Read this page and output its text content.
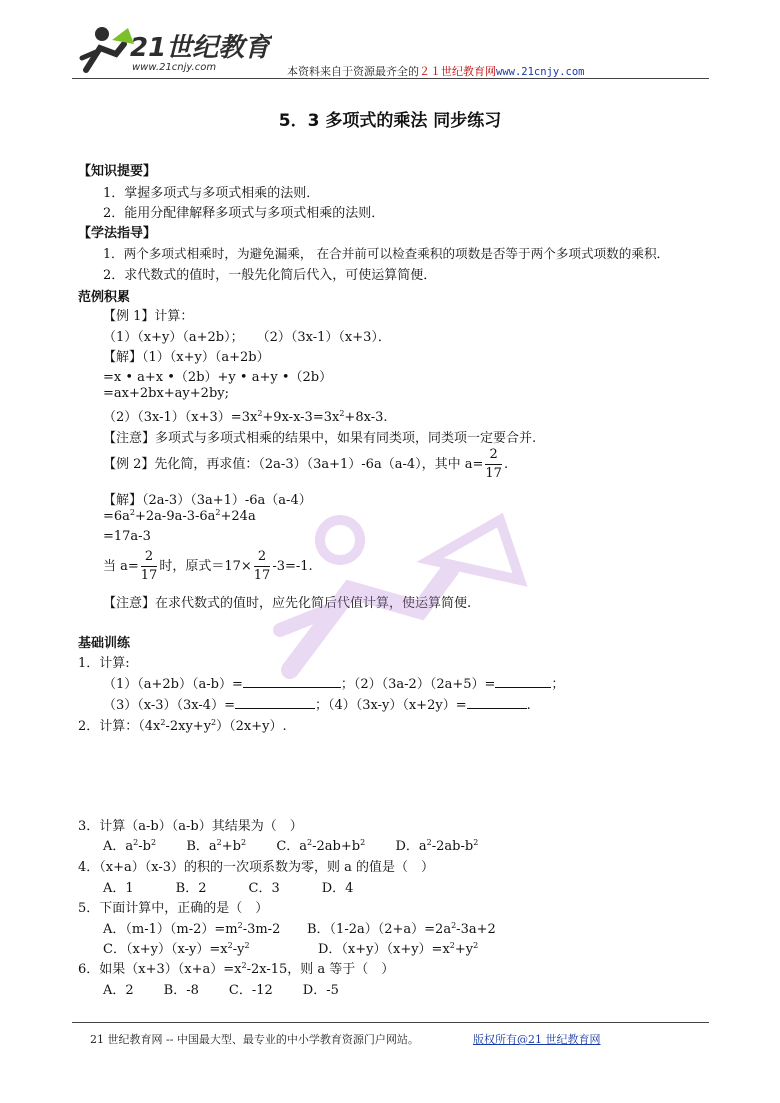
21世纪教育
www.21cnjy.com	本资料来自于资源最齐全的２１世纪教育网www.21cnjy.com
5．3 多项式的乘法 同步练习
【知识提要】
1．掌握多项式与多项式相乘的法则．
2．能用分配律解释多项式与多项式相乘的法则．
【学法指导】
1．两个多项式相乘时，为避免漏乘， 在合并前可以检查乘积的项数是否等于两个多项式项数的乘积．
2．求代数式的值时，一般先化简后代入，可使运算简便．
范例积累
【例 1】计算：
（1）（x+y）（a+2b）；　　（2）（3x-1）（x+3）．
【解】（1）（x+y）（a+2b）
=x • a+x •（2b）+y • a+y •（2b）
=ax+2bx+ay+2by;
$(2)(3x-1)(x+3)=3x^2+9x-x-3=3x^2+8x-3$.
【注意】多项式与多项式相乘的结果中，如果有同类项，同类项一定要合并.
【例 2】先化简，再求值：（2a-3）（3a+1）-6a（a-4），其中 $a= \frac{2}{17}$ .
【解】（2a-3）（3a+1）-6a（a-4）
$=6a^2+2a-9a-3-6a^2+24a$
=17a-3
当 $a= \frac{2}{17}$ 时，原式$=17\times \frac{2}{17} -3=-1$.
【注意】在求代数式的值时，应先化简后代值计算，使运算简便.
基础训练
1．计算:
（1）（a+2b）（a-b）=	；（2）（3a-2）（2a+5）=	；
（3）（x-3）（3x-4）=	；（4）（3x-y）（x+2y）=	.
2．计算：$(4x^2-2xy+y^2)(2x+y)$.
3．计算（a-b）（a-b）其结果为（　）
A．$a^2-b^2$ B．$a^2+b^2$ C．$a^2-2ab+b^2$ D．$a^2-2ab-b^2$
4．（x+a）（x-3）的积的一次项系数为零，则 a 的值是（　）
A．1	B．2	C．3	D．4
5．下面计算中，正确的是（　）
A．$(m-1)(m-2)=m^2-3m-2$ B．$(1-2a)(2+a)=2a^2-3a+2$
C．$(x+y)(x-y)=x^2-y^2$	D．$(x+y)(x+y)=x^2+y^2$
6．如果$(x+3)(x+a)=x^2-2x-15$，则 a 等于（　）
A．2 B．-8 C．-12 D．-5
21 世纪教育网 -- 中国最大型、最专业的中小学教育资源门户网站。	版权所有@21 世纪教育网
